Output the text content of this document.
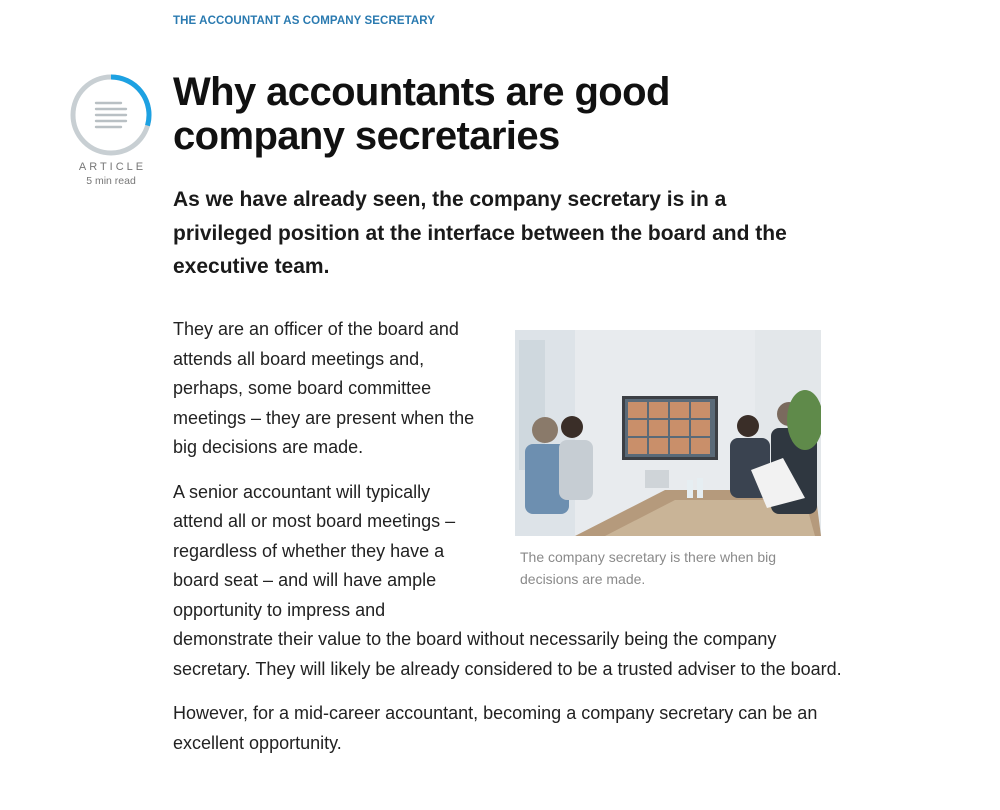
THE ACCOUNTANT AS COMPANY SECRETARY
ARTICLE
5 min read
Why accountants are good company secretaries

As we have already seen, the company secretary is in a privileged position at the interface between the board and the executive team.

The company secretary is there when big decisions are made.

They are an officer of the board and attends all board meetings and, perhaps, some board committee meetings – they are present when the big decisions are made.

A senior accountant will typically attend all or most board meetings – regardless of whether they have a board seat – and will have ample opportunity to impress and demonstrate their value to the board without necessarily being the company secretary. They will likely be already considered to be a trusted adviser to the board.

However, for a mid-career accountant, becoming a company secretary can be an excellent opportunity.
